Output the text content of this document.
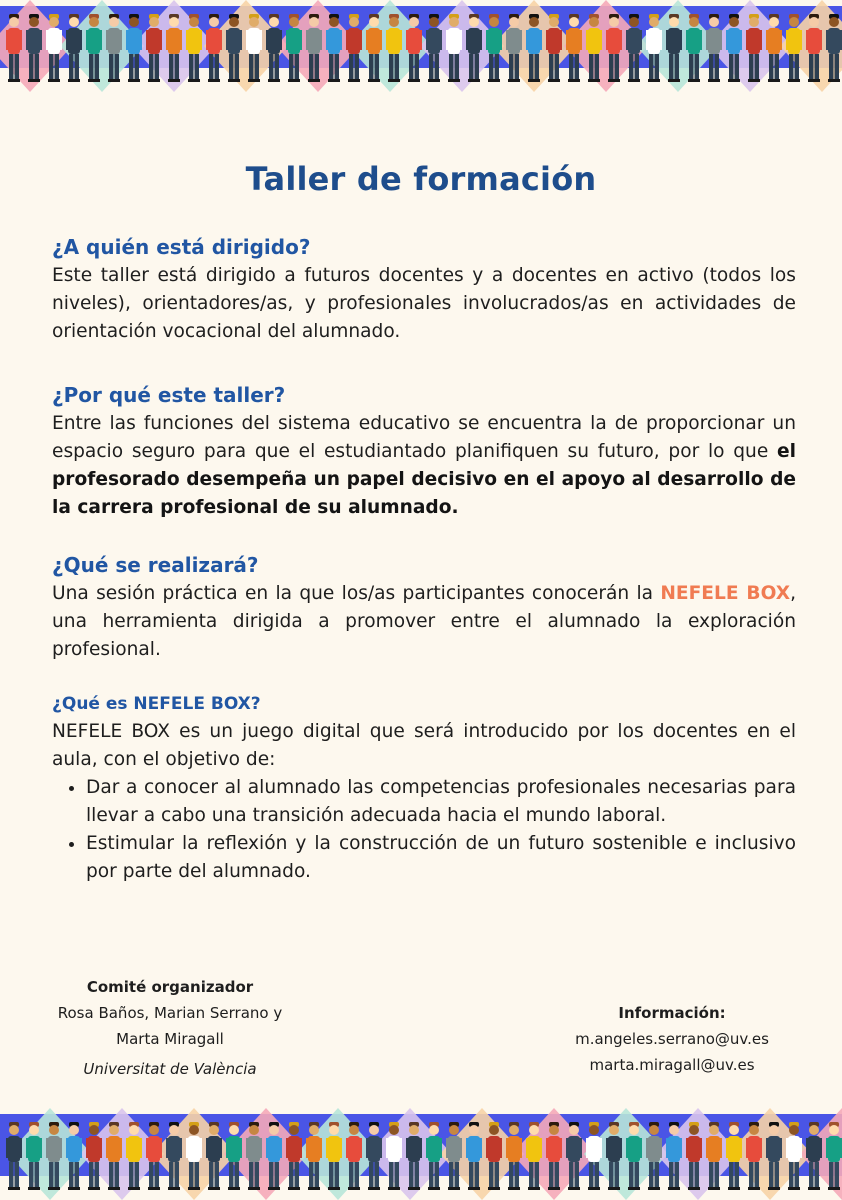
Taller de formación
¿A quién está dirigido?

Este taller está dirigido a futuros docentes y a docentes en activo (todos los niveles), orientadores/as, y profesionales involucrados/as en actividades de orientación vocacional del alumnado.

¿Por qué este taller?

Entre las funciones del sistema educativo se encuentra la de proporcionar un espacio seguro para que el estudiantado planifiquen su futuro, por lo que el profesorado desempeña un papel decisivo en el apoyo al desarrollo de la carrera profesional de su alumnado.

¿Qué se realizará?

Una sesión práctica en la que los/as participantes conocerán la NEFELE BOX, una herramienta dirigida a promover entre el alumnado la exploración profesional.

¿Qué es NEFELE BOX?

NEFELE BOX es un juego digital que será introducido por los docentes en el aula, con el objetivo de:

• Dar a conocer al alumnado las competencias profesionales necesarias para llevar a cabo una transición adecuada hacia el mundo laboral.
• Estimular la reflexión y la construcción de un futuro sostenible e inclusivo por parte del alumnado.
Comité organizador
Rosa Baños, Marian Serrano y
Marta Miragall
Universitat de València
Información:
m.angeles.serrano@uv.es
marta.miragall@uv.es
